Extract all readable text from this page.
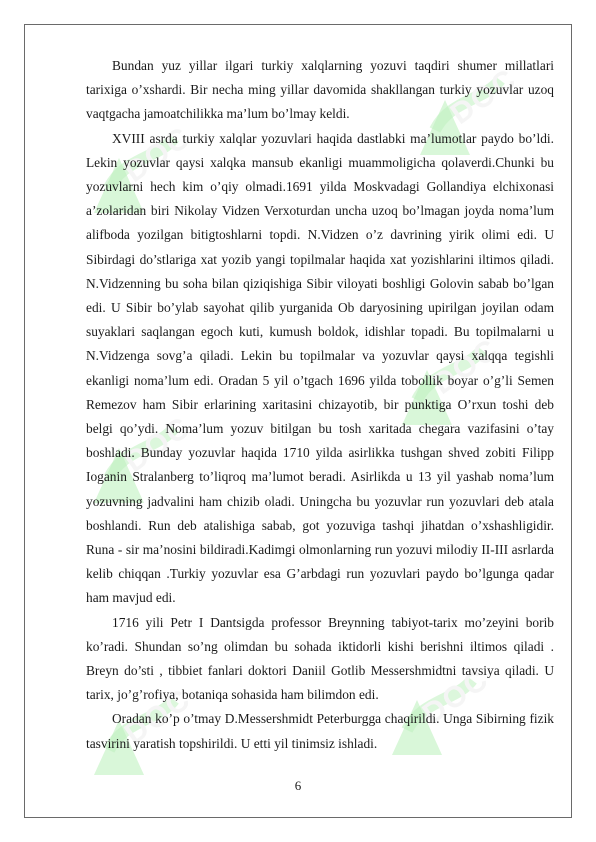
DOC
DOC
DOC
DOC
DOC	DOC

Bundan yuz yillar ilgari turkiy xalqlarning yozuvi taqdiri shumer millatlari tarixiga o’xshardi. Bir necha ming yillar davomida shakllangan turkiy yozuvlar uzoq vaqtgacha jamoatchilikka ma’lum bo’lmay keldi.

XVIII asrda turkiy xalqlar yozuvlari haqida dastlabki ma’lumotlar paydo bo’ldi. Lekin yozuvlar qaysi xalqka mansub ekanligi muammoligicha qolaverdi.Chunki bu yozuvlarni hech kim o’qiy olmadi.1691 yilda Moskvadagi Gollandiya elchixonasi a’zolaridan biri Nikolay Vidzen Verxoturdan uncha uzoq bo’lmagan joyda noma’lum alifboda yozilgan bitigtoshlarni topdi. N.Vidzen o’z davrining yirik olimi edi. U Sibirdagi do’stlariga xat yozib yangi topilmalar haqida xat yozishlarini iltimos qiladi. N.Vidzenning bu soha bilan qiziqishiga Sibir viloyati boshligi Golovin sabab bo’lgan edi. U Sibir bo’ylab sayohat qilib yurganida Ob daryosining upirilgan joyilan odam suyaklari saqlangan egoch kuti, kumush boldok, idishlar topadi. Bu topilmalarni u N.Vidzenga sovg’a qiladi. Lekin bu topilmalar va yozuvlar qaysi xalqqa tegishli ekanligi noma’lum edi. Oradan 5 yil o’tgach 1696 yilda tobollik boyar o’g’li Semen Remezov ham Sibir erlarining xaritasini chizayotib, bir punktiga O’rxun toshi deb belgi qo’ydi. Noma’lum yozuv bitilgan bu tosh xaritada chegara vazifasini o’tay boshladi. Bunday yozuvlar haqida 1710 yilda asirlikka tushgan shved zobiti Filipp Ioganin Stralanberg to’liqroq ma’lumot beradi. Asirlikda u 13 yil yashab noma’lum yozuvning jadvalini ham chizib oladi. Uningcha bu yozuvlar run yozuvlari deb atala boshlandi. Run deb atalishiga sabab, got yozuviga tashqi jihatdan o’xshashligidir. Runa - sir ma’nosini bildiradi.Kadimgi olmonlarning run yozuvi milodiy II-III asrlarda kelib chiqqan .Turkiy yozuvlar esa G’arbdagi run yozuvlari paydo bo’lgunga qadar ham mavjud edi.

1716 yili Petr I Dantsigda professor Breynning tabiyot-tarix mo’zeyini borib ko’radi. Shundan so’ng olimdan bu sohada iktidorli kishi berishni iltimos qiladi . Breyn do’sti , tibbiet fanlari doktori Daniil Gotlib Messershmidtni tavsiya qiladi. U tarix, jo’g’rofiya, botaniqa sohasida ham bilimdon edi.

Oradan ko’p o’tmay D.Messershmidt Peterburgga chaqirildi. Unga Sibirning fizik tasvirini yaratish topshirildi. U etti yil tinimsiz ishladi.

6
